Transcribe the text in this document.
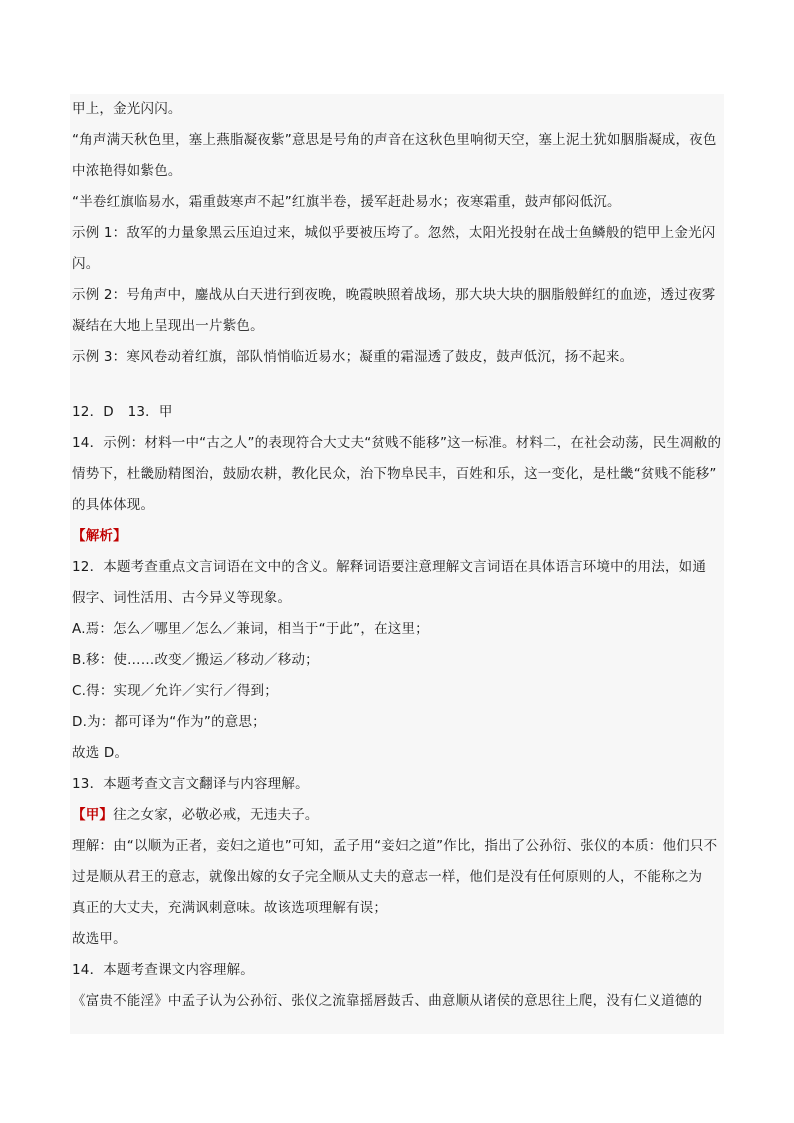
甲上，金光闪闪。
“角声满天秋色里，塞上燕脂凝夜紫”意思是号角的声音在这秋色里响彻天空，塞上泥土犹如胭脂凝成，夜色
中浓艳得如紫色。
“半卷红旗临易水，霜重鼓寒声不起”红旗半卷，援军赶赴易水；夜寒霜重，鼓声郁闷低沉。
示例 1：敌军的力量象黑云压迫过来，城似乎要被压垮了。忽然，太阳光投射在战士鱼鳞般的铠甲上金光闪
闪。
示例 2：号角声中，鏖战从白天进行到夜晚，晚霞映照着战场，那大块大块的胭脂般鲜红的血迹，透过夜雾
凝结在大地上呈现出一片紫色。
示例 3：寒风卷动着红旗，部队悄悄临近易水；凝重的霜湿透了鼓皮，鼓声低沉，扬不起来。
12．D　13．甲
14．示例：材料一中“古之人”的表现符合大丈夫“贫贱不能移”这一标准。材料二，在社会动荡，民生凋敝的
情势下，杜畿励精图治，鼓励农耕，教化民众，治下物阜民丰，百姓和乐，这一变化，是杜畿“贫贱不能移”
的具体体现。
【解析】
12．本题考查重点文言词语在文中的含义。解释词语要注意理解文言词语在具体语言环境中的用法，如通
假字、词性活用、古今异义等现象。
A.焉：怎么／哪里／怎么／兼词，相当于“于此”，在这里；
B.移：使……改变／搬运／移动／移动；
C.得：实现／允许／实行／得到；
D.为：都可译为“作为”的意思；
故选 D。
13．本题考查文言文翻译与内容理解。
【甲】往之女家，必敬必戒，无违夫子。
理解：由“以顺为正者，妾妇之道也”可知，孟子用“妾妇之道”作比，指出了公孙衍、张仪的本质：他们只不
过是顺从君王的意志，就像出嫁的女子完全顺从丈夫的意志一样，他们是没有任何原则的人，不能称之为
真正的大丈夫，充满讽刺意味。故该选项理解有误；
故选甲。
14．本题考查课文内容理解。
《富贵不能淫》中孟子认为公孙衍、张仪之流靠摇唇鼓舌、曲意顺从诸侯的意思往上爬，没有仁义道德的
